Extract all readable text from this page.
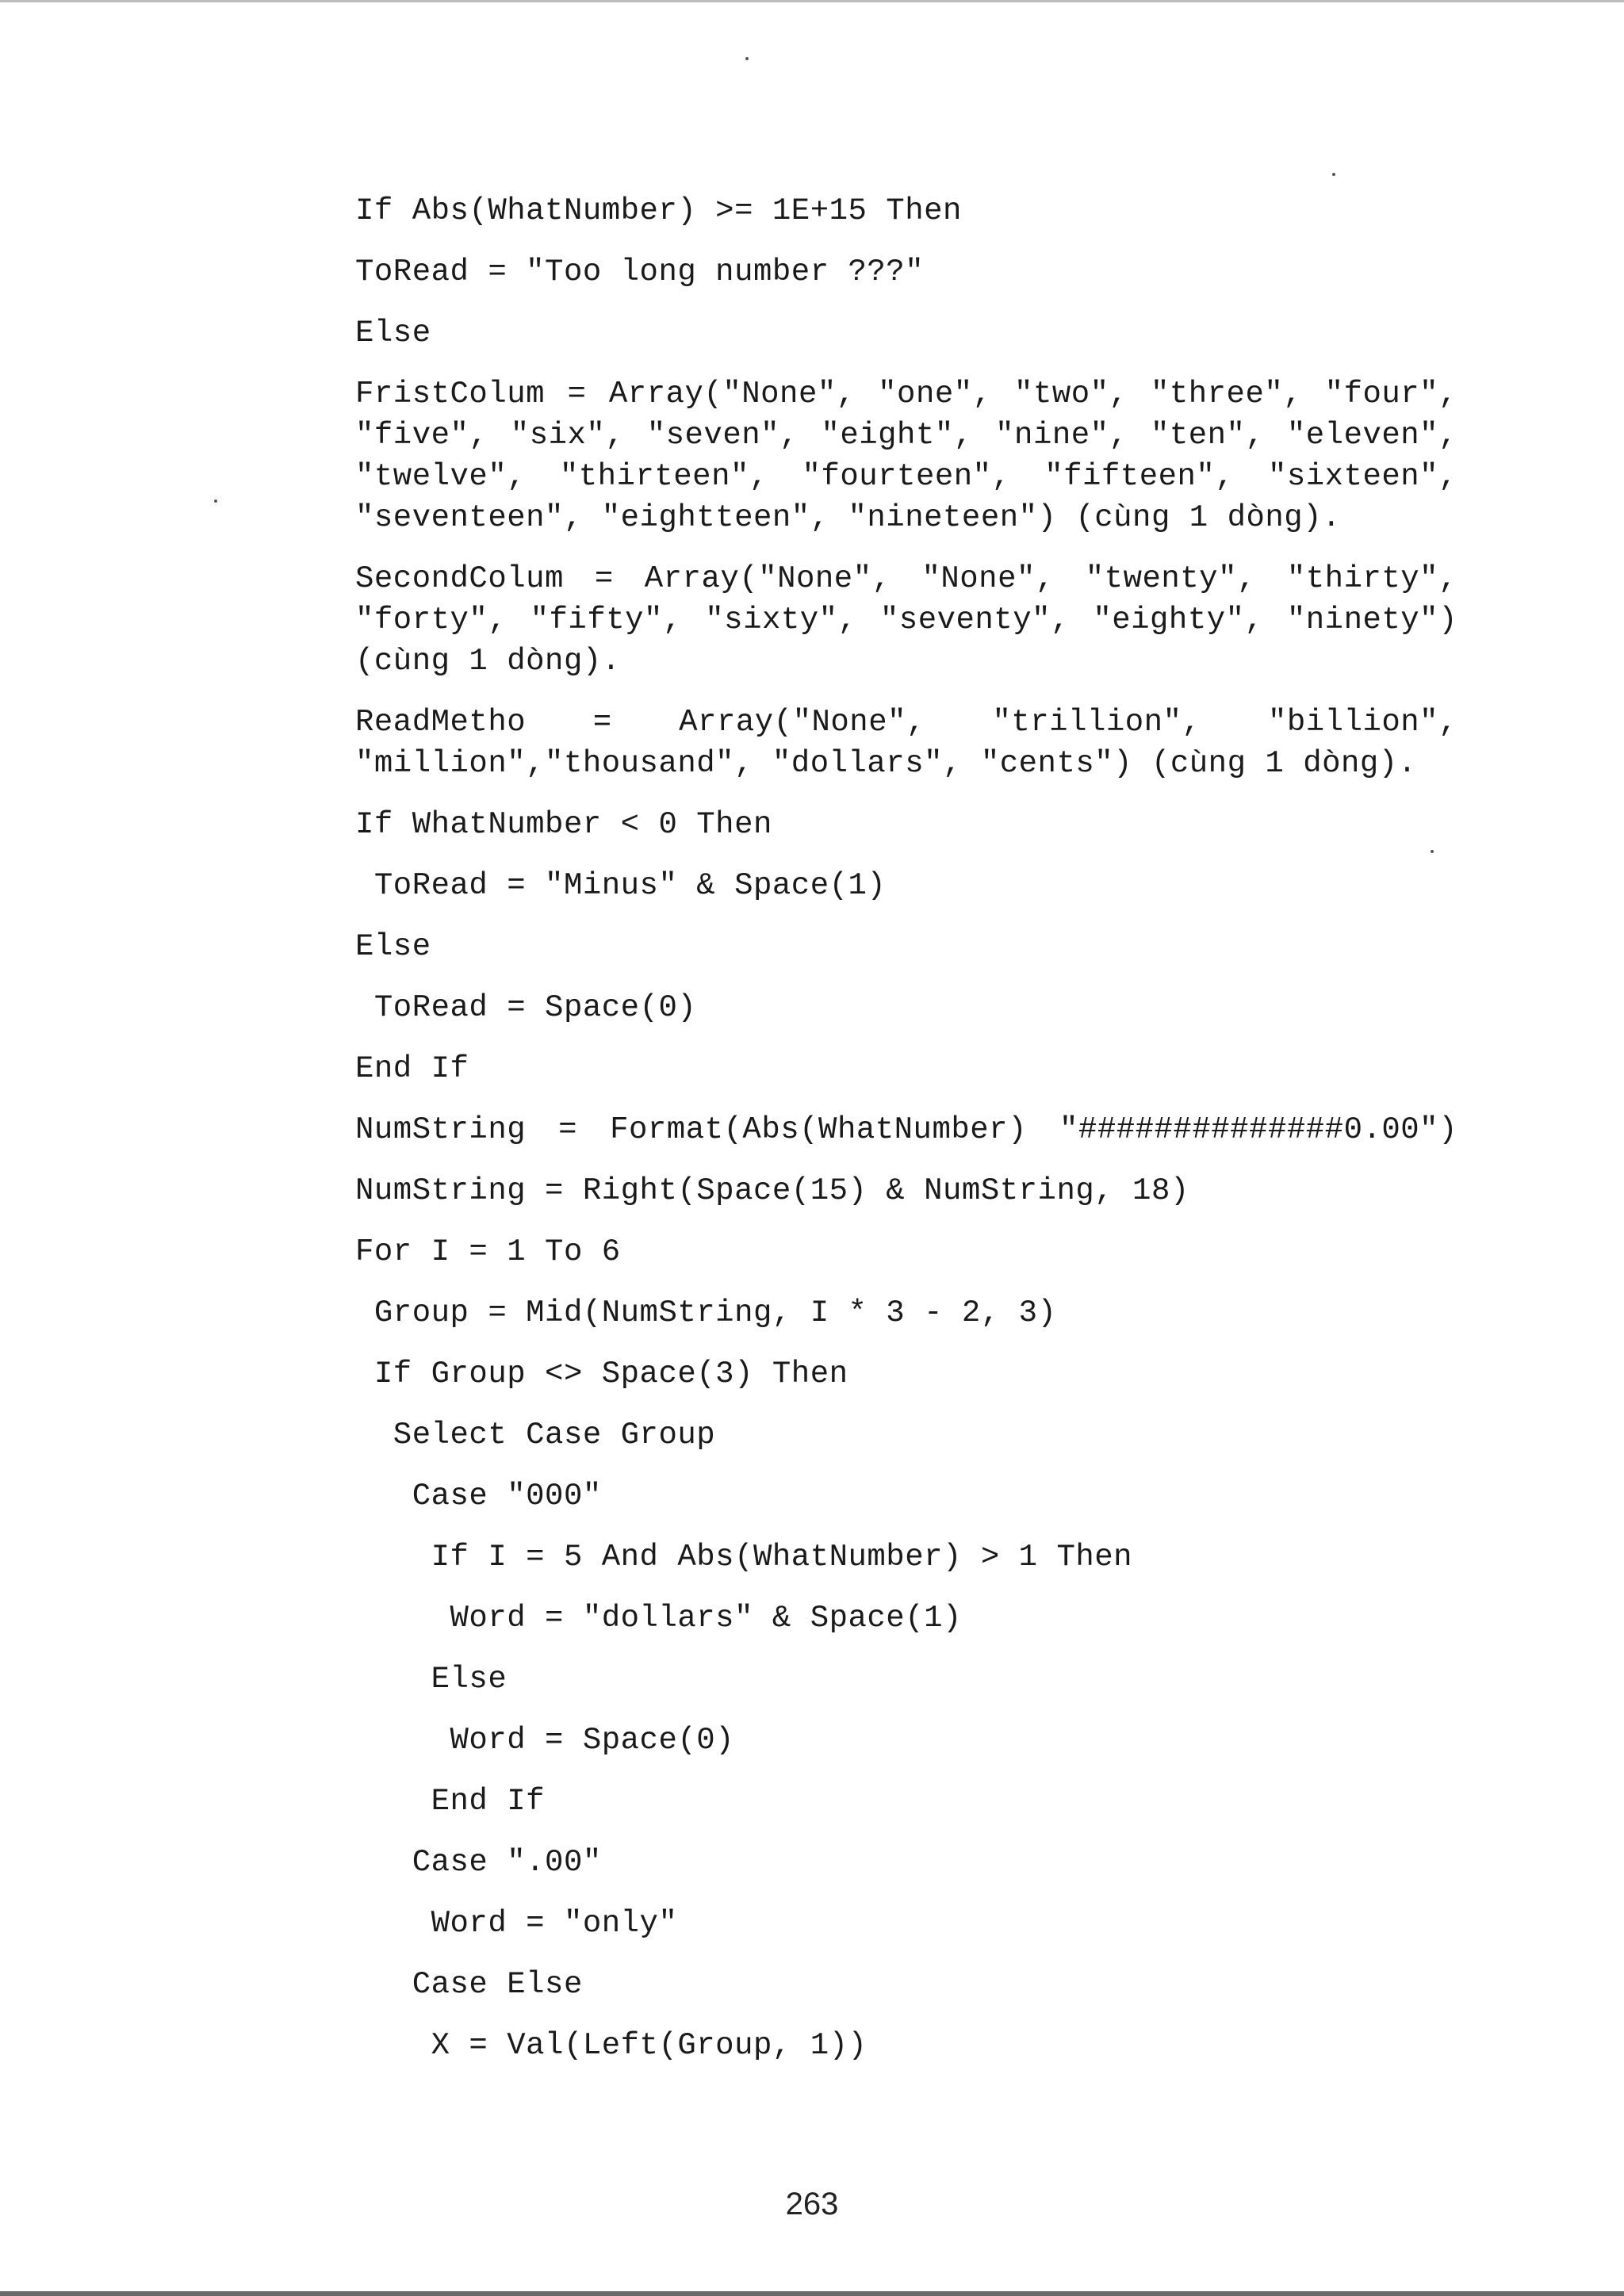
If Abs(WhatNumber) >= 1E+15 Then
ToRead = "Too long number ???"
Else
FristColum = Array("None", "one", "two", "three", "four", "five", "six", "seven", "eight", "nine", "ten", "eleven", "twelve", "thirteen", "fourteen", "fifteen", "sixteen", "seventeen", "eightteen", "nineteen") (cùng 1 dòng).
SecondColum = Array("None", "None", "twenty", "thirty", "forty", "fifty", "sixty", "seventy", "eighty", "ninety") (cùng 1 dòng).
ReadMetho = Array("None", "trillion", "billion", "million","thousand", "dollars", "cents") (cùng 1 dòng).
If WhatNumber < 0 Then
ToRead = "Minus" & Space(1)
Else
ToRead = Space(0)
End If
NumString = Format(Abs(WhatNumber) "##############0.00")
NumString = Right(Space(15) & NumString, 18)
For I = 1 To 6
Group = Mid(NumString, I * 3 - 2, 3)
If Group <> Space(3) Then
Select Case Group
Case "000"
If I = 5 And Abs(WhatNumber) > 1 Then
Word = "dollars" & Space(1)
Else
Word = Space(0)
End If
Case ".00"
Word = "only"
Case Else
X = Val(Left(Group, 1))
263
